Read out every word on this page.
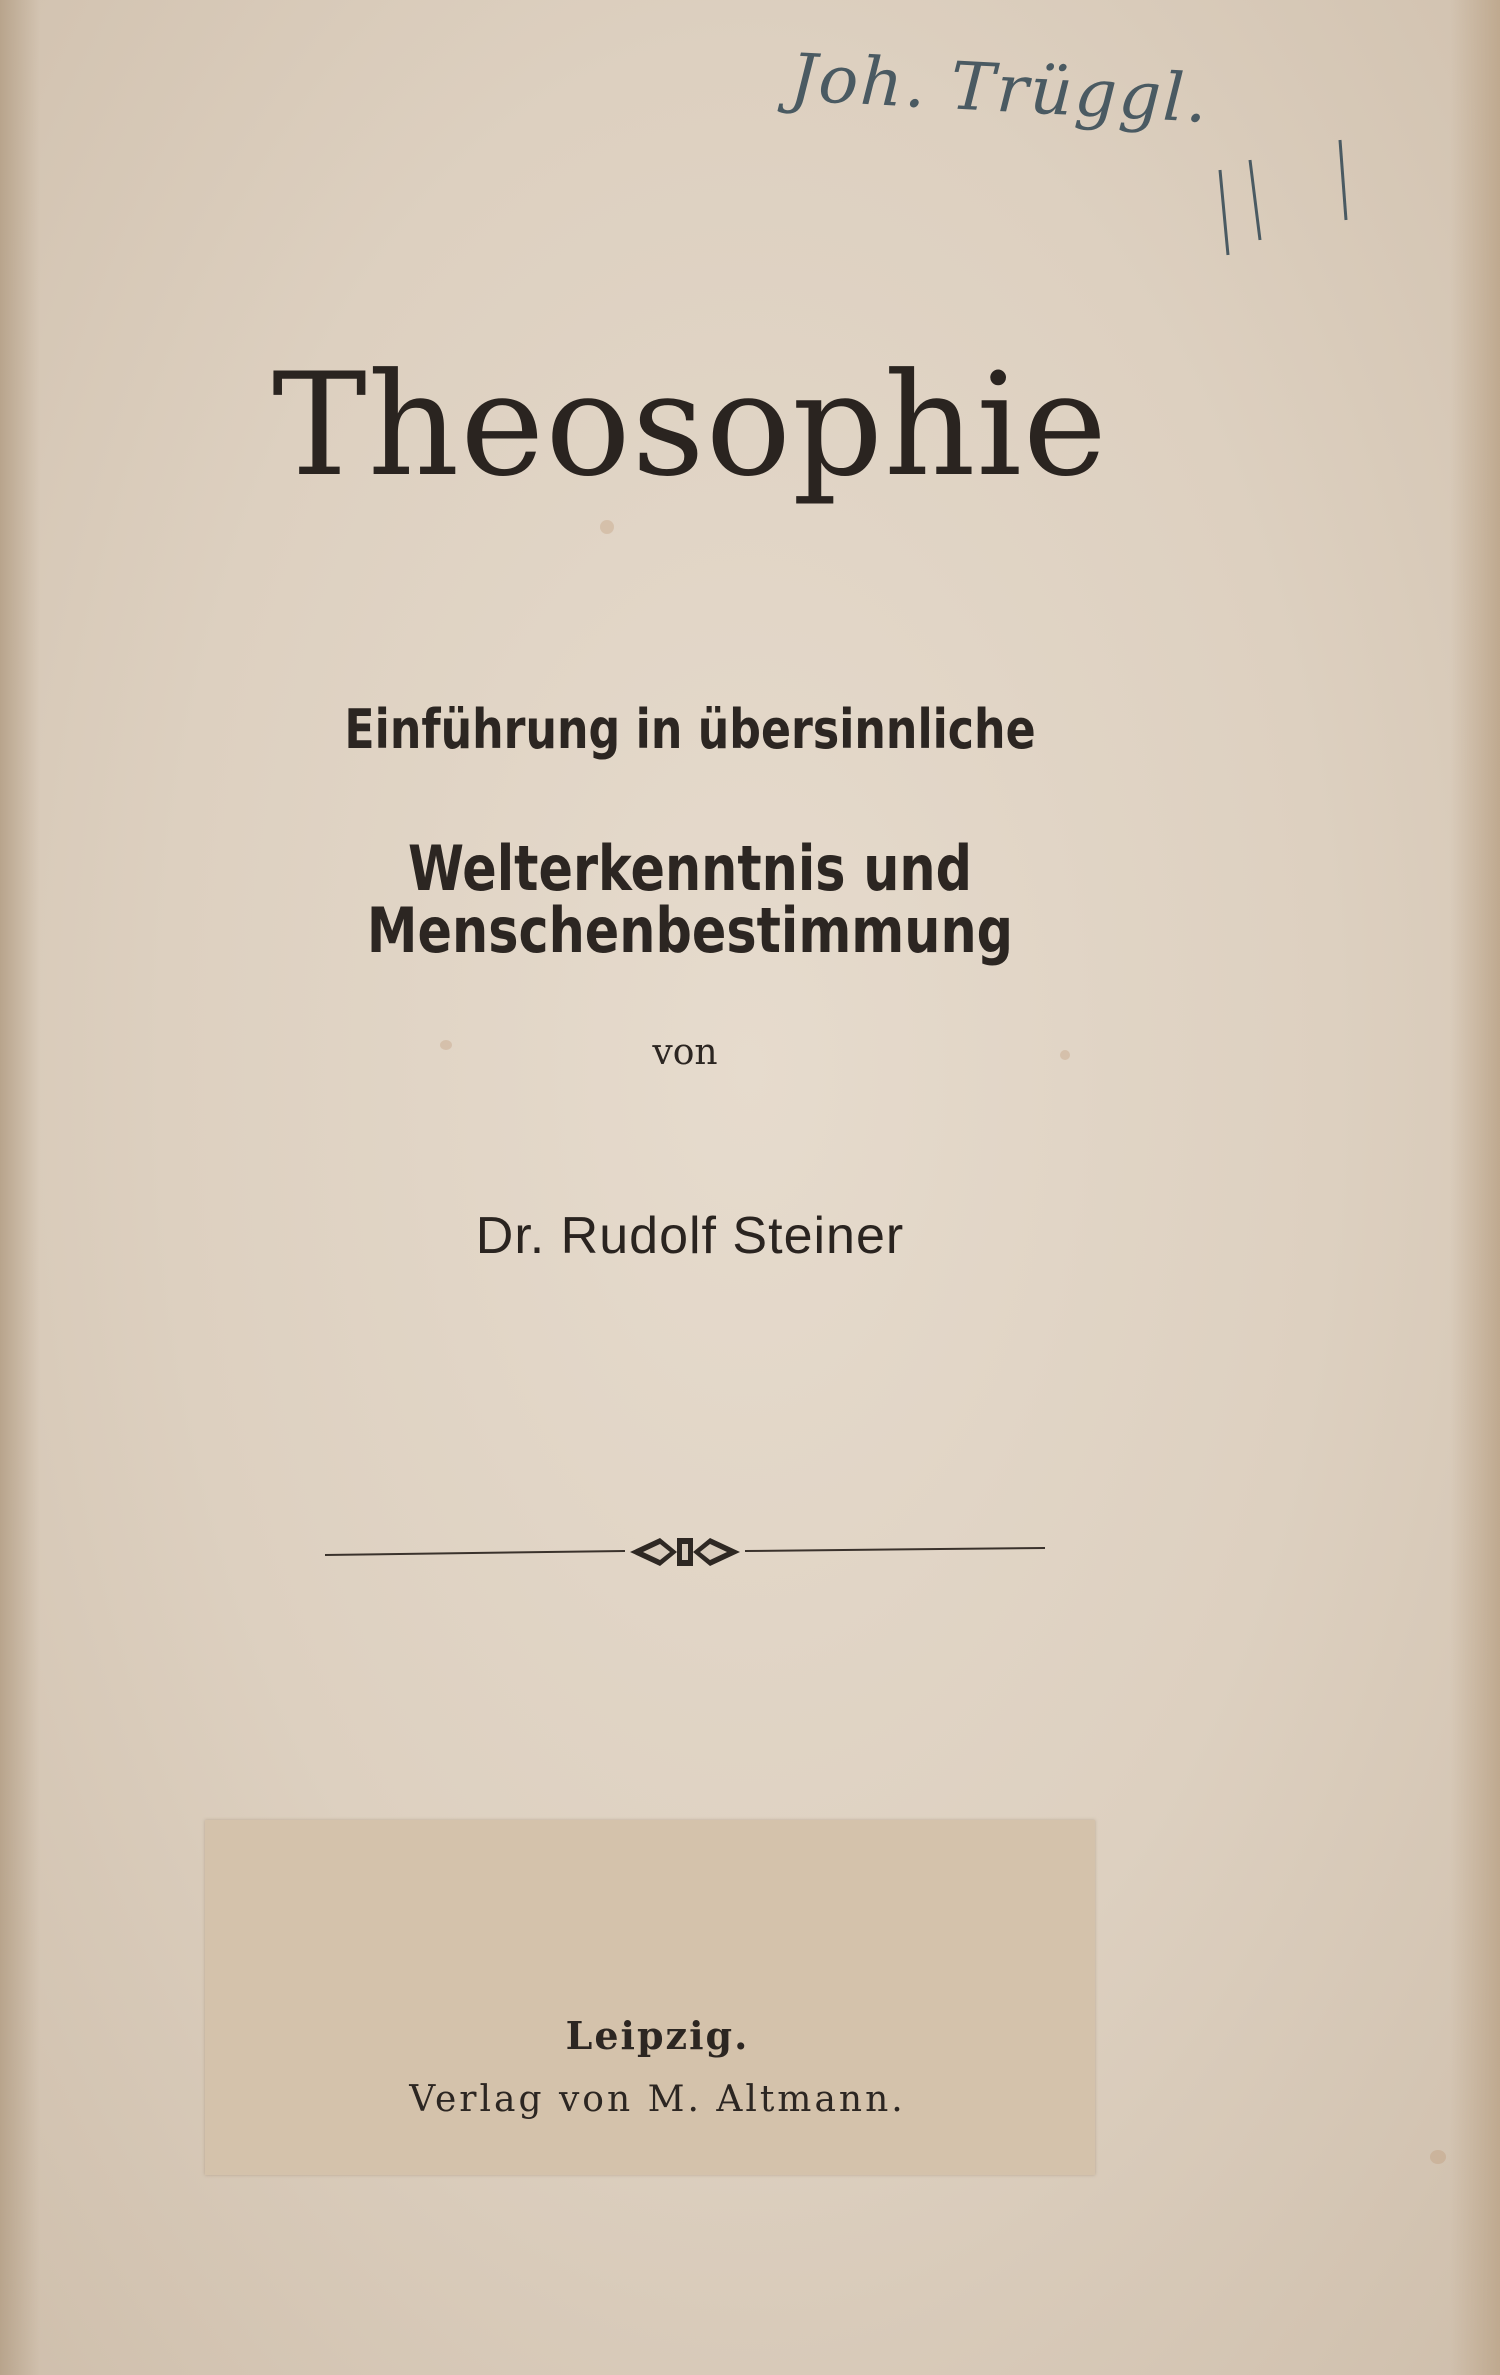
Joh. Trüggl.
Theosophie
Einführung in übersinnliche
Welterkenntnis und Menschenbestimmung
von
Dr. Rudolf Steiner
Leipzig.
Verlag von M. Altmann.
